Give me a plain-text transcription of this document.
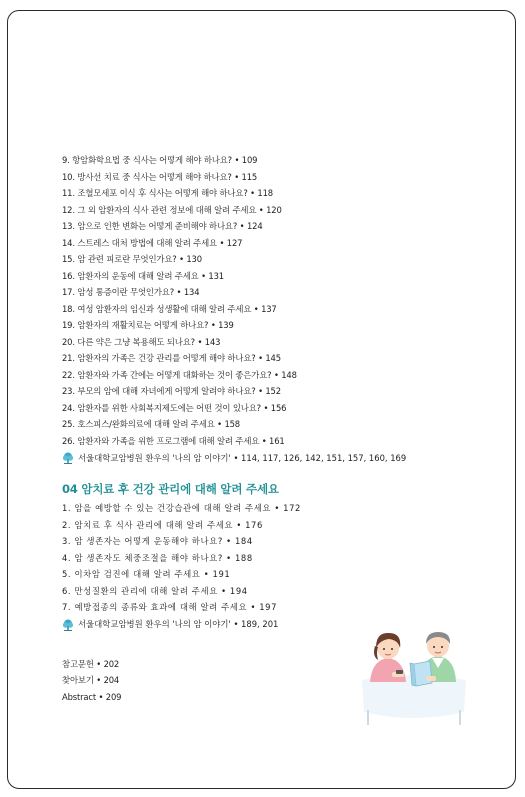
9. 항암화학요법 중 식사는 어떻게 해야 하나요? • 109
10. 방사선 치료 중 식사는 어떻게 해야 하나요? • 115
11. 조혈모세포 이식 후 식사는 어떻게 해야 하나요? • 118
12. 그 외 암환자의 식사 관련 정보에 대해 알려 주세요 • 120
13. 암으로 인한 변화는 어떻게 준비해야 하나요? • 124
14. 스트레스 대처 방법에 대해 알려 주세요 • 127
15. 암 관련 피로란 무엇인가요? • 130
16. 암환자의 운동에 대해 알려 주세요 • 131
17. 암성 통증이란 무엇인가요? • 134
18. 여성 암환자의 임신과 성생활에 대해 알려 주세요 • 137
19. 암환자의 재활치료는 어떻게 하나요? • 139
20. 다른 약은 그냥 복용해도 되나요? • 143
21. 암환자의 가족은 건강 관리를 어떻게 해야 하나요? • 145
22. 암환자와 가족 간에는 어떻게 대화하는 것이 좋은가요? • 148
23. 부모의 암에 대해 자녀에게 어떻게 알려야 하나요? • 152
24. 암환자를 위한 사회복지제도에는 어떤 것이 있나요? • 156
25. 호스피스/완화의료에 대해 알려 주세요 • 158
26. 암환자와 가족을 위한 프로그램에 대해 알려 주세요 • 161
서울대학교암병원 환우의 '나의 암 이야기' • 114, 117, 126, 142, 151, 157, 160, 169
04 암치료 후 건강 관리에 대해 알려 주세요
1. 암을 예방할 수 있는 건강습관에 대해 알려 주세요 • 172
2. 암치료 후 식사 관리에 대해 알려 주세요 • 176
3. 암 생존자는 어떻게 운동해야 하나요? • 184
4. 암 생존자도 체중조절을 해야 하나요? • 188
5. 이차암 검진에 대해 알려 주세요 • 191
6. 만성질환의 관리에 대해 알려 주세요 • 194
7. 예방접종의 종류와 효과에 대해 알려 주세요 • 197
서울대학교암병원 환우의 '나의 암 이야기' • 189, 201
참고문헌 • 202
찾아보기 • 204
Abstract • 209
